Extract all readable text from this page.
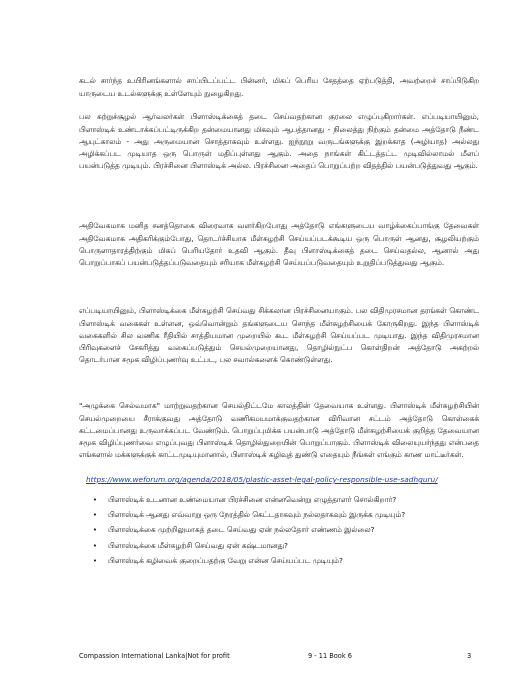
கடல் சார்ந்த உயிரினங்களால் சாப்பிடப்பட்ட பின்னர், மிகப் பெரிய சேதத்தை ஏற்படுத்தி, அவற்றைச் சாப்பிடுகிற யாருடைய உடல்களுக்கு உள்ளேயும் நுழைகிறது.

பல சுற்றுச்சூழல் ஆர்வலர்கள் பிளாஸ்டிக்கைத் தடை செய்வதற்கான குரலை எழுப்புகிறார்கள். எப்படியாயினும், பிளாஸ்டிக் உண்டாக்கப்பட்டிருக்கிற தன்மையானது மிகவும் ஆபத்தானது - நிலைத்து நிற்கும் தன்மை அத்தோடு நீண்ட ஆயுட்காலம் - அது அருமையான சொத்தாகவும் உள்ளது. ஐந்நூறு வருடங்களுக்கு இறக்காத (அழியாத) அல்லது அழிக்கப்பட முடியாத ஒரு பொருள் மதிப்புள்ளது ஆகும். அதை நாங்கள் கிட்டத்தட்ட முடிவில்லாமல் மீளப் பயன்படுத்த முடியும். பிரச்சினை பிளாஸ்டிக் அல்ல. பிரச்சினை அதைப் பொறுப்பற்ற விதத்தில் பயன்படுத்துவது ஆகும்.

அதிவேகமாக மனித சனத்தொகை விரைவாக வளர்கிறபோது அத்தோடு எங்களுடைய வாழ்க்கைப்பாங்கு தேவைகள் அதிவேகமாக அதிகரிக்கும்போது, தொடர்ச்சியாக மீள்சுழற்சி செய்யப்படக்கூடிய ஒரு பொருள் ஆனது, சூழலியற்கும் பொருளாதாரத்திற்கும் மிகப் பெரியதோர் உதவி ஆகும். தீவு பிளாஸ்டிக்கைத் தடை செய்வதல்ல, ஆனால் அது பொறுப்பாகப் பயன்படுத்தப்படுவதையும் சரியாக மீள்சுழற்சி செய்யப்படுவதையும் உறுதிப்படுத்துவது ஆகும்.

எப்படியாயினும், பிளாஸ்டிக்கை மீள்சுழற்சி செய்வது சிக்கலான பிரச்சினையாகும். பல விதிமுரசமான தரங்கள் கொண்ட பிளாஸ்டிக் வகைகள் உள்ளன, ஒவ்வொன்றும் தங்களுடைய சொந்த மீள்சுழற்சியைக் கோருகிறது. இந்த பிளாஸ்டிக் வகைகளில் சில வணிக ரீதியில் சாத்தியமான முறையில் கூட மீள்சுழற்சி செய்யப்பட முடியாது. இந்த விதிமுரசமான பிரிவுகளைச் சேகரித்து வகைப்படுத்தும் செயல்முறையானது, தொழில்நுட்ப கொள்திறன் அத்தோடு அகற்றல் தொடர்பான சமூக விழிப்புணர்வு உட்பட, பல சவால்களைக் கொண்டுள்ளது.

"அழுக்கை செல்வமாக" மாற்றுவதற்கான செயல்திட்டமே காலத்தின் தேவையாக உள்ளது. பிளாஸ்டிக் மீள்சுழற்சியின் செயல்முறையை சீராக்குவது அத்தோடு வணிகமயமாக்குவதற்கான விரிவான சட்டம் அத்தோடு கொள்கைக் கட்டமைப்பானது உருவாக்கப்பட வேண்டும். பொறுப்புமிக்க பயன்பாடு அத்தோடு மீள்சுழற்சியைக் குறித்த தேவையான சமூக விழிப்புணர்வை எழுப்புவது பிளாஸ்டிக் தொழில்துறையின் பொறுப்பாகும். பிளாஸ்டிக் விலையுயர்ந்தது என்பதை எங்களால் மக்களுக்குக் காட்டமுடியுமானால், பிளாஸ்டிக் கழிவுத் துண்டு எதையும் நீங்கள் எங்கும் காண மாட்டீர்கள்.

https://www.weforum.org/agenda/2018/05/plastic-asset-legal-policy-responsible-use-sadhguru/
•	பிளாஸ்டிக் உடனான உண்மையான பிரச்சினை என்னவென்று எழுத்தாளர் சொல்கிறார்?
•	பிளாஸ்டிக் ஆனது எவ்வாறு ஒரு நேரத்தில் கெட்டதாகவும் நல்லதாகவும் இருக்க முடியும்?
•	பிளாஸ்டிக்கை முற்றிலுமாகத் தடை செய்வது ஏன் நல்லதோர் எண்ணம் இல்லை?
•	பிளாஸ்டிக்கை மீள்சுழற்சி செய்வது ஏன் கஷ்டமானது?
•	பிளாஸ்டிக் கழிவைக் குறைப்பதற்கு வேறு என்ன செய்யப்பட முடியும்?
Compassion International Lanka|Not for profit	9 - 11 Book 6	3
